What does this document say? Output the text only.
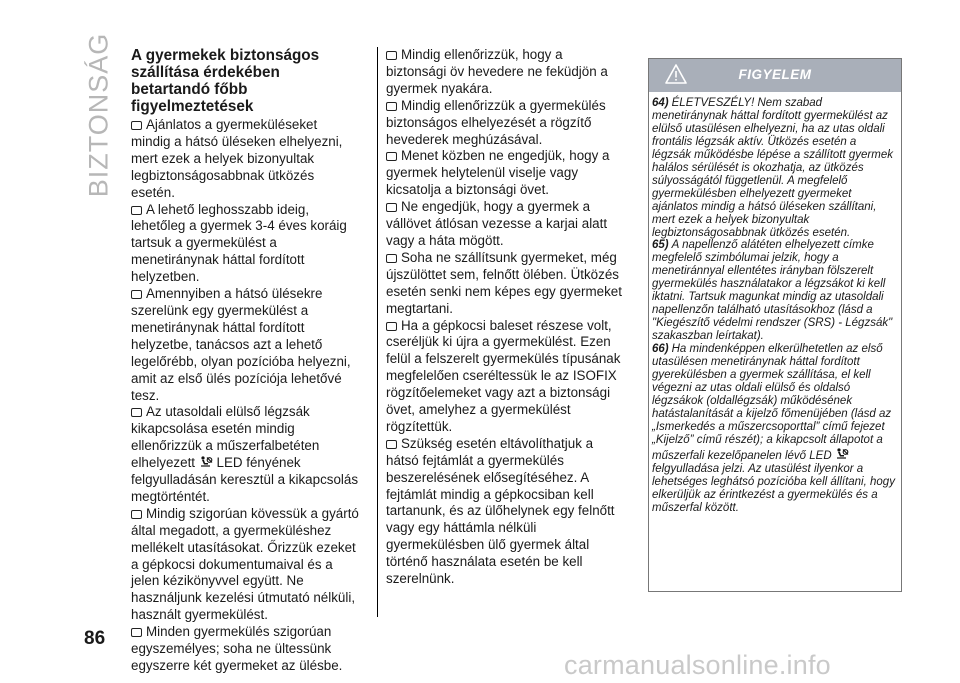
BIZTONSÁG A gyermekek biztonságos szállítása érdekében betartandó főbb figyelmeztetések

Ajánlatos a gyermeküléseket mindig a hátsó üléseken elhelyezni, mert ezek a helyek bizonyultak legbiztonságosabbnak ütközés esetén.

A lehető leghosszabb ideig, lehetőleg a gyermek 3-4 éves koráig tartsuk a gyermekülést a menetiránynak háttal fordított helyzetben.

Amennyiben a hátsó ülésekre szerelünk egy gyermekülést a menetiránynak háttal fordított helyzetbe, tanácsos azt a lehető legelőrébb, olyan pozícióba helyezni, amit az első ülés pozíciója lehetővé tesz.

Az utasoldali elülső légzsák kikapcsolása esetén mindig ellenőrizzük a műszerfalbetéten elhelyezett LED fényének felgyulladásán keresztül a kikapcsolás megtörténtét.

Mindig szigorúan kövessük a gyártó által megadott, a gyermeküléshez mellékelt utasításokat. Őrizzük ezeket a gépkocsi dokumentumaival és a jelen kézikönyvvel együtt. Ne használjunk kezelési útmutató nélküli, használt gyermekülést.

Minden gyermekülés szigorúan egyszemélyes; soha ne ültessünk egyszerre két gyermeket az ülésbe.

Mindig ellenőrizzük, hogy a biztonsági öv hevedere ne feküdjön a gyermek nyakára.

Mindig ellenőrizzük a gyermekülés biztonságos elhelyezését a rögzítő hevederek meghúzásával.

Menet közben ne engedjük, hogy a gyermek helytelenül viselje vagy kicsatolja a biztonsági övet.

Ne engedjük, hogy a gyermek a vállövet átlósan vezesse a karjai alatt vagy a háta mögött.

Soha ne szállítsunk gyermeket, még újszülöttet sem, felnőtt ölében. Ütközés esetén senki nem képes egy gyermeket megtartani.

Ha a gépkocsi baleset részese volt, cseréljük ki újra a gyermekülést. Ezen felül a felszerelt gyermekülés típusának megfelelően cseréltessük le az ISOFIX rögzítőelemeket vagy azt a biztonsági övet, amelyhez a gyermekülést rögzítettük.

Szükség esetén eltávolíthatjuk a hátsó fejtámlát a gyermekülés beszerelésének elősegítéséhez. A fejtámlát mindig a gépkocsiban kell tartanunk, és az ülőhelynek egy felnőtt vagy egy háttámla nélküli gyermekülésben ülő gyermek által történő használata esetén be kell szerelnünk.

FIGYELEM

64) ÉLETVESZÉLY! Nem szabad menetiránynak háttal fordított gyermekülést az elülső utasülésen elhelyezni, ha az utas oldali frontális légzsák aktív. Ütközés esetén a légzsák működésbe lépése a szállított gyermek halálos sérülését is okozhatja, az ütközés súlyosságától függetlenül. A megfelelő gyermekülésben elhelyezett gyermeket ajánlatos mindig a hátsó üléseken szállítani, mert ezek a helyek bizonyultak legbiztonságosabbnak ütközés esetén.

65) A napellenző alátéten elhelyezett címke megfelelő szimbólumai jelzik, hogy a menetiránnyal ellentétes irányban fölszerelt gyermekülés használatakor a légzsákot ki kell iktatni. Tartsuk magunkat mindig az utasoldali napellenzőn található utasításokhoz (lásd a "Kiegészítő védelmi rendszer (SRS) - Légzsák" szakaszban leírtakat).

66) Ha mindenképpen elkerülhetetlen az első utasülésen menetiránynak háttal fordított gyerekülésben a gyermek szállítása, el kell végezni az utas oldali elülső és oldalsó légzsákok (oldallégzsák) működésének hatástalanítását a kijelző főmenüjében (lásd az „Ismerkedés a műszercsoporttal” című fejezet „Kijelző” című részét); a kikapcsolt állapotot a műszerfali kezelőpanelen lévő LED  felgyulladása jelzi. Az utasülést ilyenkor a lehetséges leghátsó pozícióba kell állítani, hogy elkerüljük az érintkezést a gyermekülés és a műszerfal között.

86
carmanualsonline.info
